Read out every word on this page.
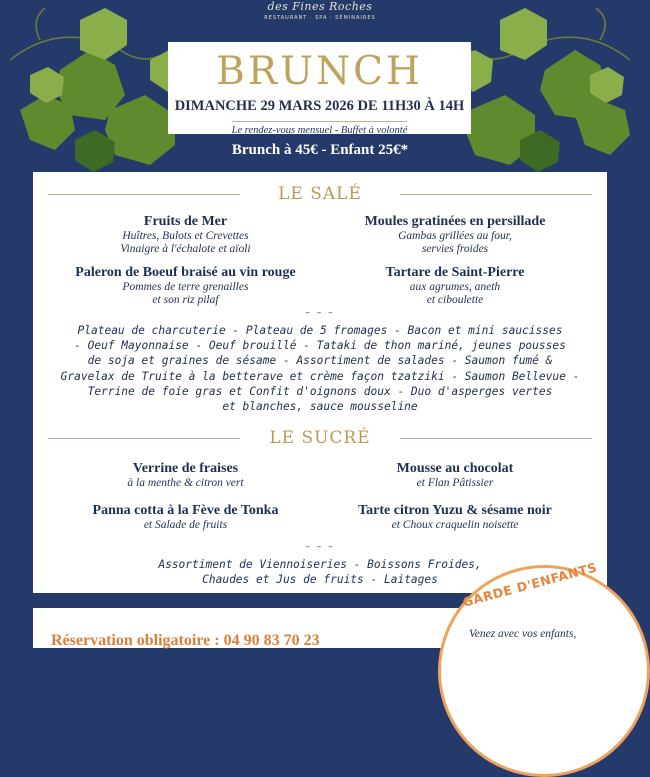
des Fines Roches
RESTAURANT · SPA · SÉMINAIRES
BRUNCH
DIMANCHE 29 MARS 2026 DE 11H30 À 14H
Le rendez-vous mensuel - Buffet à volonté
Brunch à 45€ - Enfant 25€*
LE SALÉ
Fruits de Mer
Huîtres, Bulots et Crevettes
Vinaigre à l'échalote et aïoli
Moules gratinées en persillade
Gambas grillées au four,
servies froides
Paleron de Boeuf braisé au vin rouge
Pommes de terre grenailles
et son riz pilaf
Tartare de Saint-Pierre
aux agrumes, aneth
et ciboulette
– – –
Plateau de charcuterie - Plateau de 5 fromages - Bacon et mini saucisses
- Oeuf Mayonnaise - Oeuf brouillé - Tataki de thon mariné, jeunes pousses
de soja et graines de sésame - Assortiment de salades - Saumon fumé &
Gravelax de Truite à la betterave et crème façon tzatziki - Saumon Bellevue -
Terrine de foie gras et Confit d'oignons doux - Duo d'asperges vertes
et blanches, sauce mousseline
LE SUCRÉ
Verrine de fraises
à la menthe & citron vert
Mousse au chocolat
et Flan Pâtissier
Panna cotta à la Fève de Tonka
et Salade de fruits
Tarte citron Yuzu & sésame noir
et Choux craquelin noisette
– – –
Assortiment de Viennoiseries - Boissons Froides,
Chaudes et Jus de fruits - Laitages
Réservation obligatoire : 04 90 83 70 23
GARDE D'ENFANTS
Venez avec vos enfants,
